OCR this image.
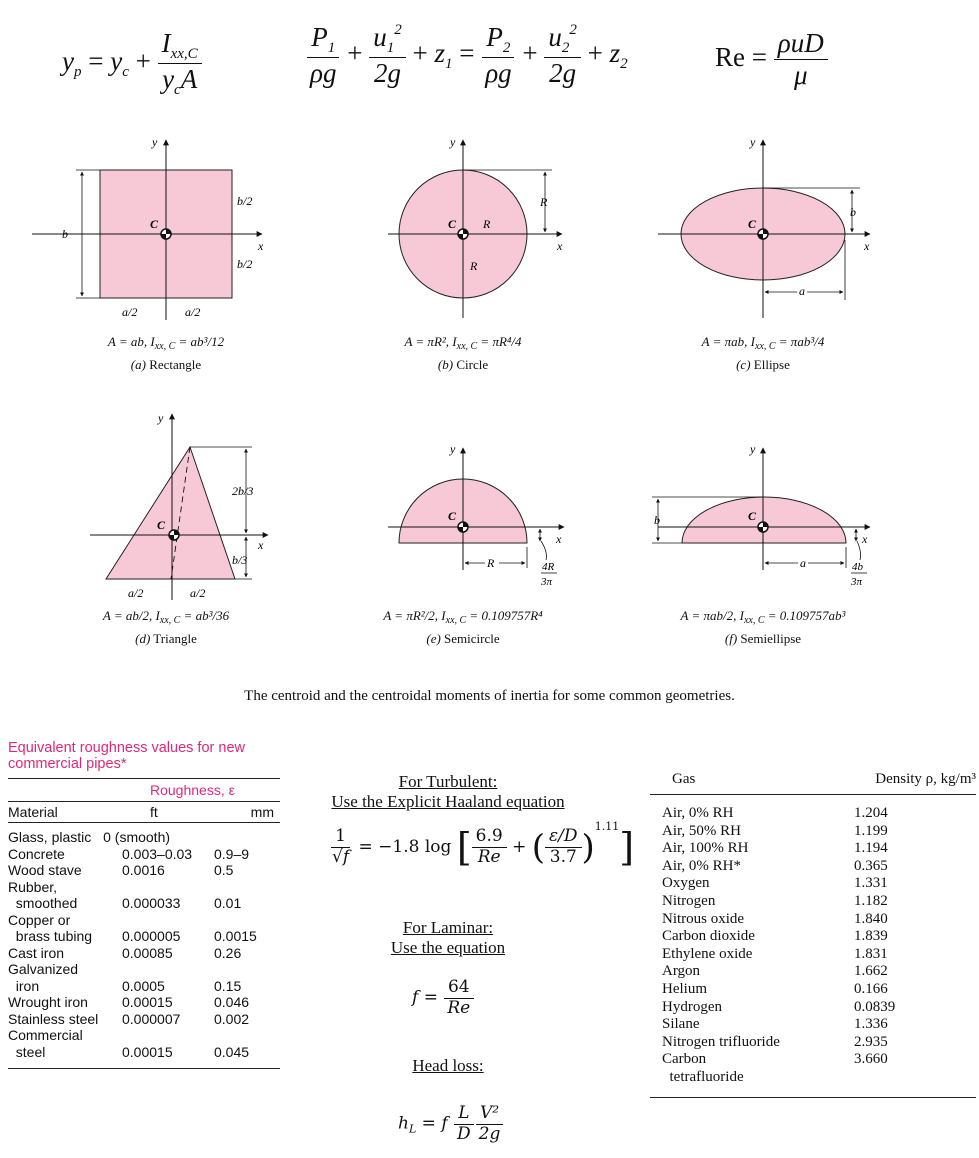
$y_p = y_c + \frac{I_{xx,C}}{y_cA}$	$\frac{P_1}{\rho g} + \frac{u_1^2}{2g} + z_1 = \frac{P_2}{\rho g} + \frac{u_2^2}{2g} + z_2$	$Re = \frac{\text{ρuD}}{\mu}$
y
x
C
b
b/2
b/2
a/2	a/2
y
x
C R
R
R
y
x
C
b
a
y
x
C
2b/3
b/3
a/2	a/2
y
x
C
R	4R
3π
y
x
C
b
a	4b
3π
A = ab, $I_{xx, C} = ab^3/12$
(a) Rectangle
A = πR², $I_{xx, C} = \pi R^4/4$
(b) Circle
A = πab, $I_{xx, C} = \pi ab^3/4$
(c) Ellipse
A = ab/2, $I_{xx, C} = ab^3/36$
(d) Triangle
A = πR²/2, $I_{xx, C} = 0.109757R^4$
(e) Semicircle
A = πab/2, $I_{xx, C} = 0.109757ab^3$
(f) Semiellipse
The centroid and the centroidal moments of inertia for some common geometries.
Equivalent roughness values for new
commercial pipes*
Roughness, ε
Material	ft	mm
Glass, plastic 0 (smooth)
Concrete	0.003–0.03	0.9–9
Wood stave	0.0016	0.5
Rubber,
smoothed	0.000033	0.01
Copper or
brass tubing	0.000005	0.0015
Cast iron	0.00085	0.26
Galvanized
iron	0.0005	0.15
Wrought iron	0.00015	0.046
Stainless steel	0.000007	0.002
Commercial
steel	0.00015	0.045
For Turbulent:
Use the Explicit Haaland equation
$\frac{1}{√f} = -1.8$ log [ $\frac{6.9}{Re}$ + ( $\frac{\varepsilon/D}{3.7} )^{1.11}$]
For Laminar:
Use the equation
$f = \frac{64}{Re}$
Head loss:
$h_L = f \frac{L}{D} \frac{\text{V²}}{2g}$
Gas	Density ρ, kg/m³
Air, 0% RH	1.204
Air, 50% RH	1.199
Air, 100% RH	1.194
Air, 0% RH*	0.365
Oxygen	1.331
Nitrogen	1.182
Nitrous oxide	1.840
Carbon dioxide	1.839
Ethylene oxide	1.831
Argon	1.662
Helium	0.166
Hydrogen	0.0839
Silane	1.336
Nitrogen trifluoride	2.935
Carbon	3.660
tetrafluoride
